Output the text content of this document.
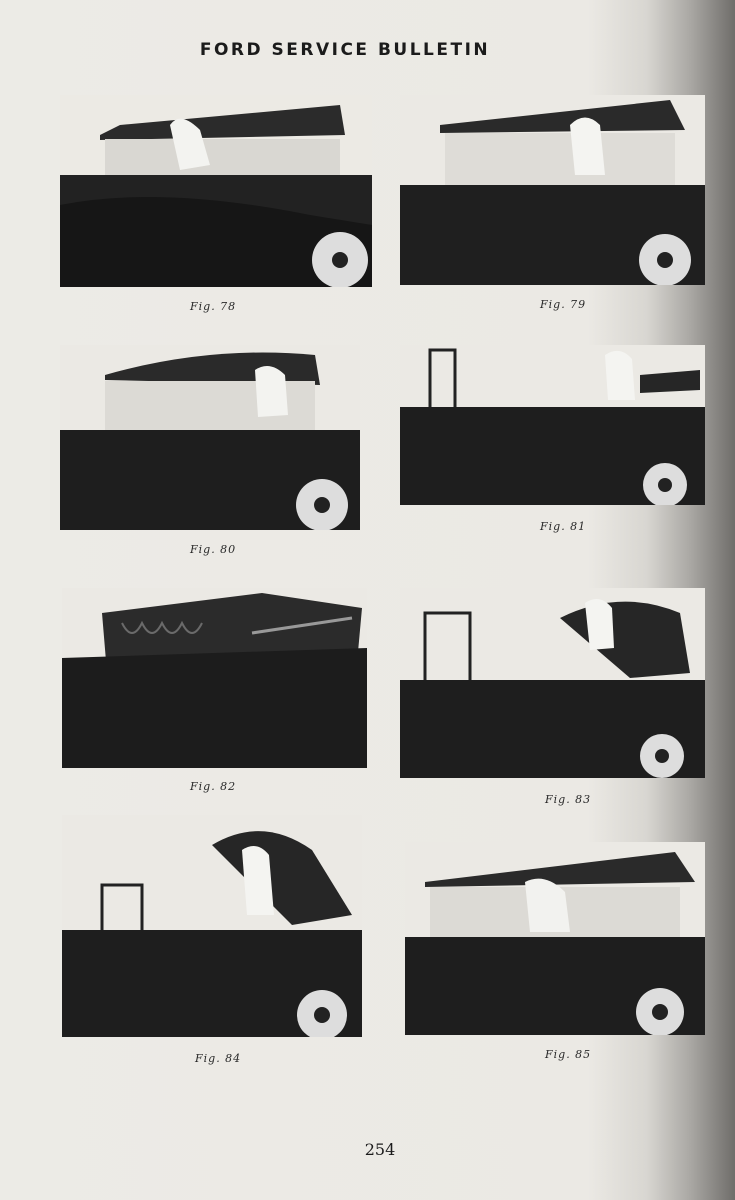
FORD SERVICE BULLETIN
Fig. 78	Fig. 79
Fig. 80
Fig. 81
Fig. 82
Fig. 83
Fig. 84	Fig. 85
254
